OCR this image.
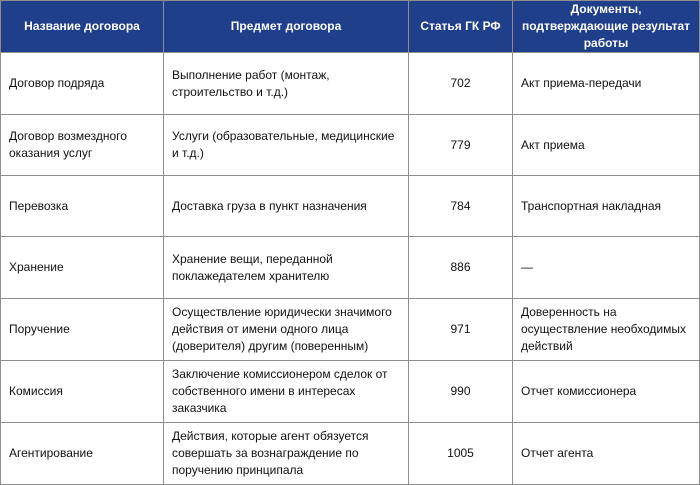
Название договора	Предмет договора	Статья ГК РФ	Документы, подтверждающие результат работы
Договор подряда	Выполнение работ (монтаж, строительство и т.д.)	702	Акт приема-передачи
Договор возмездного оказания услуг	Услуги (образовательные, медицинские и т.д.)	779	Акт приема
Перевозка	Доставка груза в пункт назначения	784	Транспортная накладная
Хранение	Хранение вещи, переданной поклажедателем хранителю	886	—
Поручение	Осуществление юридически значимого действия от имени одного лица (доверителя) другим (поверенным)	971	Доверенность на осуществление необходимых действий
Комиссия	Заключение комиссионером сделок от собственного имени в интересах заказчика	990	Отчет комиссионера
Агентирование	Действия, которые агент обязуется совершать за вознаграждение по поручению принципала	1005	Отчет агента
